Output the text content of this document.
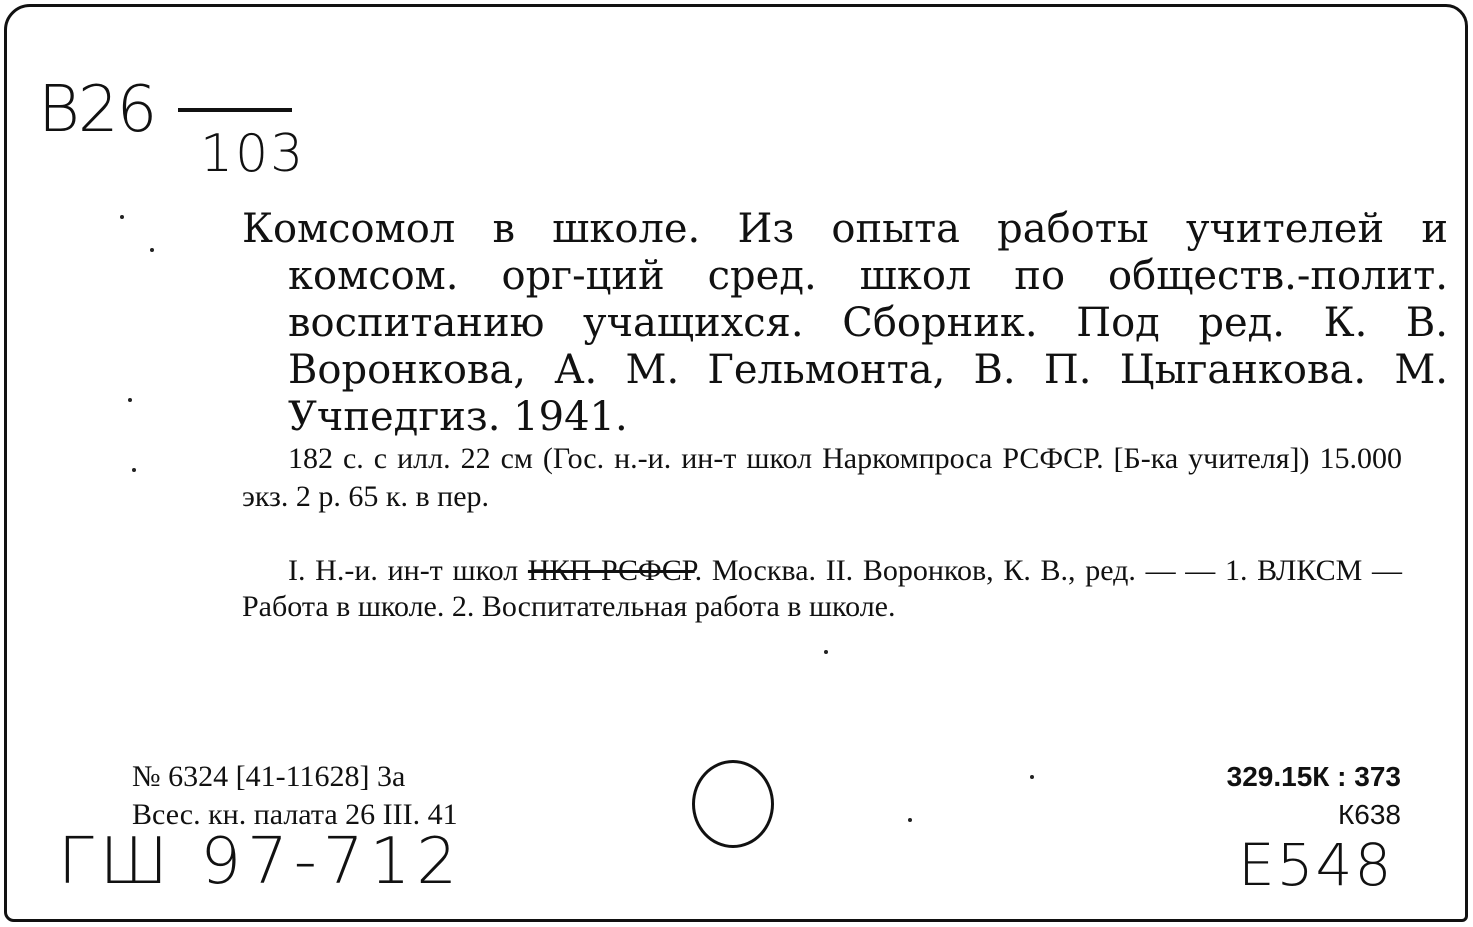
В26
103

Комсомол в школе. Из опыта работы учителей и комсом. орг-ций сред. школ по обществ.-полит. воспитанию учащихся. Сборник. Под ред. К. В. Воронкова, А. М. Гельмонта, В. П. Цыганкова. М. Учпедгиз. 1941.

182 с. с илл. 22 см (Гос. н.-и. ин-т школ Наркомпроса РСФСР. [Б-ка учителя]) 15.000 экз. 2 р. 65 к. в пер.

I. Н.-и. ин-т школ НКП РСФСР. Москва. II. Воронков, К. В., ред. — — 1. ВЛКСМ — Работа в школе. 2. Воспитательная работа в школе.

№ 6324 [41-11628] 3а
Всес. кн. палата 26 III. 41
329.15К : 373
К638
ГШ 97-712	Е548
